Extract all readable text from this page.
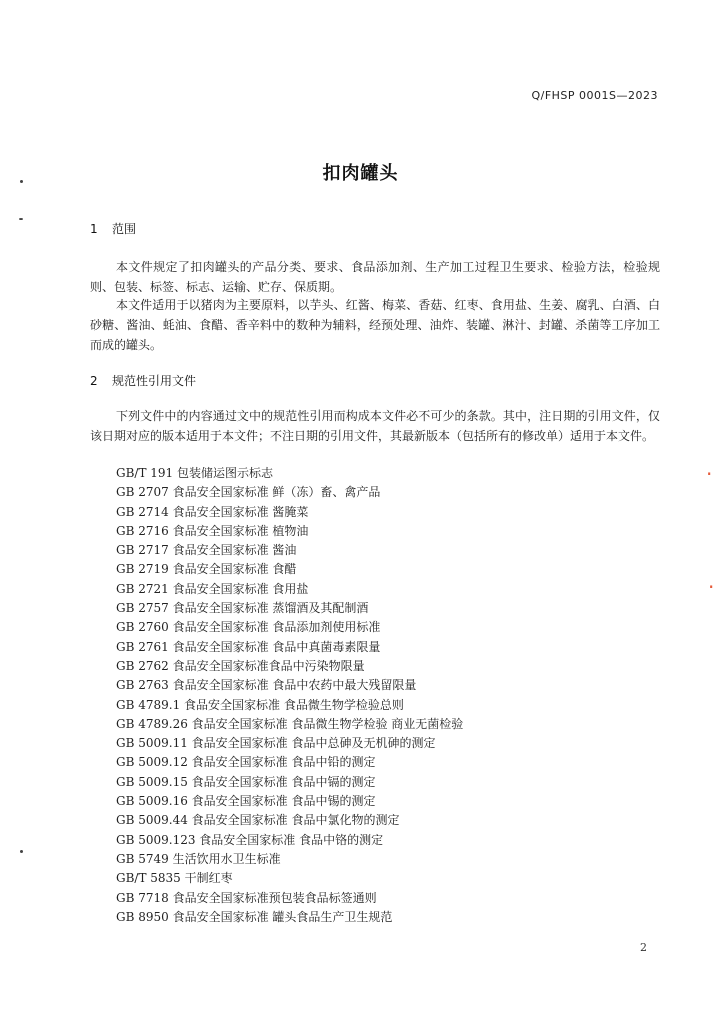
Q/FHSP 0001S—2023
扣肉罐头
1 范围
本文件规定了扣肉罐头的产品分类、要求、食品添加剂、生产加工过程卫生要求、检验方法，检验规则、包装、标签、标志、运输、贮存、保质期。
本文件适用于以猪肉为主要原料，以芋头、红酱、梅菜、香菇、红枣、食用盐、生姜、腐乳、白酒、白砂糖、酱油、蚝油、食醋、香辛料中的数种为辅料，经预处理、油炸、装罐、淋汁、封罐、杀菌等工序加工而成的罐头。
2 规范性引用文件
下列文件中的内容通过文中的规范性引用而构成本文件必不可少的条款。其中，注日期的引用文件，仅该日期对应的版本适用于本文件；不注日期的引用文件，其最新版本（包括所有的修改单）适用于本文件。
GB/T 191 包装储运图示标志
GB 2707 食品安全国家标准 鲜（冻）畜、禽产品
GB 2714 食品安全国家标准 酱腌菜
GB 2716 食品安全国家标准 植物油
GB 2717 食品安全国家标准 酱油
GB 2719 食品安全国家标准 食醋
GB 2721 食品安全国家标准 食用盐
GB 2757 食品安全国家标准 蒸馏酒及其配制酒
GB 2760 食品安全国家标准 食品添加剂使用标准
GB 2761 食品安全国家标准 食品中真菌毒素限量
GB 2762 食品安全国家标准食品中污染物限量
GB 2763 食品安全国家标准 食品中农药中最大残留限量
GB 4789.1 食品安全国家标准 食品微生物学检验总则
GB 4789.26 食品安全国家标准 食品微生物学检验 商业无菌检验
GB 5009.11 食品安全国家标准 食品中总砷及无机砷的测定
GB 5009.12 食品安全国家标准 食品中铅的测定
GB 5009.15 食品安全国家标准 食品中镉的测定
GB 5009.16 食品安全国家标准 食品中锡的测定
GB 5009.44 食品安全国家标准 食品中氯化物的测定
GB 5009.123 食品安全国家标准 食品中铬的测定
GB 5749 生活饮用水卫生标准
GB/T 5835 干制红枣
GB 7718 食品安全国家标准预包装食品标签通则
GB 8950 食品安全国家标准 罐头食品生产卫生规范
2
·
·
